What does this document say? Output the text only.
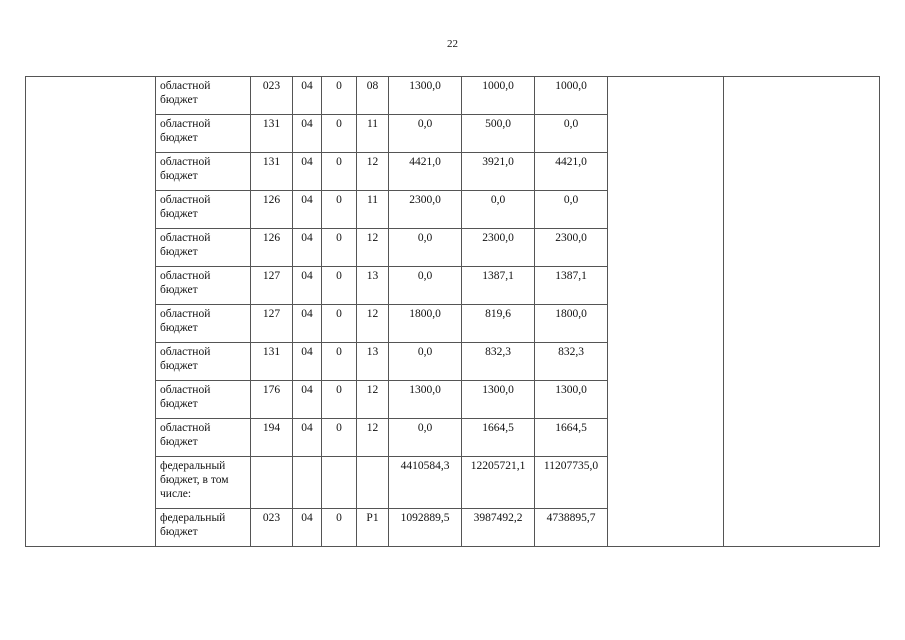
22
	областной бюджет	023	04	0	08	1300,0	1000,0	1000,0		
	областной бюджет	131	04	0	11	0,0	500,0	0,0		
	областной бюджет	131	04	0	12	4421,0	3921,0	4421,0		
	областной бюджет	126	04	0	11	2300,0	0,0	0,0		
	областной бюджет	126	04	0	12	0,0	2300,0	2300,0		
	областной бюджет	127	04	0	13	0,0	1387,1	1387,1		
	областной бюджет	127	04	0	12	1800,0	819,6	1800,0		
	областной бюджет	131	04	0	13	0,0	832,3	832,3		
	областной бюджет	176	04	0	12	1300,0	1300,0	1300,0		
	областной бюджет	194	04	0	12	0,0	1664,5	1664,5		
	федеральный бюджет, в том числе:					4410584,3	12205721,1	11207735,0		
	федеральный бюджет	023	04	0	Р1	1092889,5	3987492,2	4738895,7		
